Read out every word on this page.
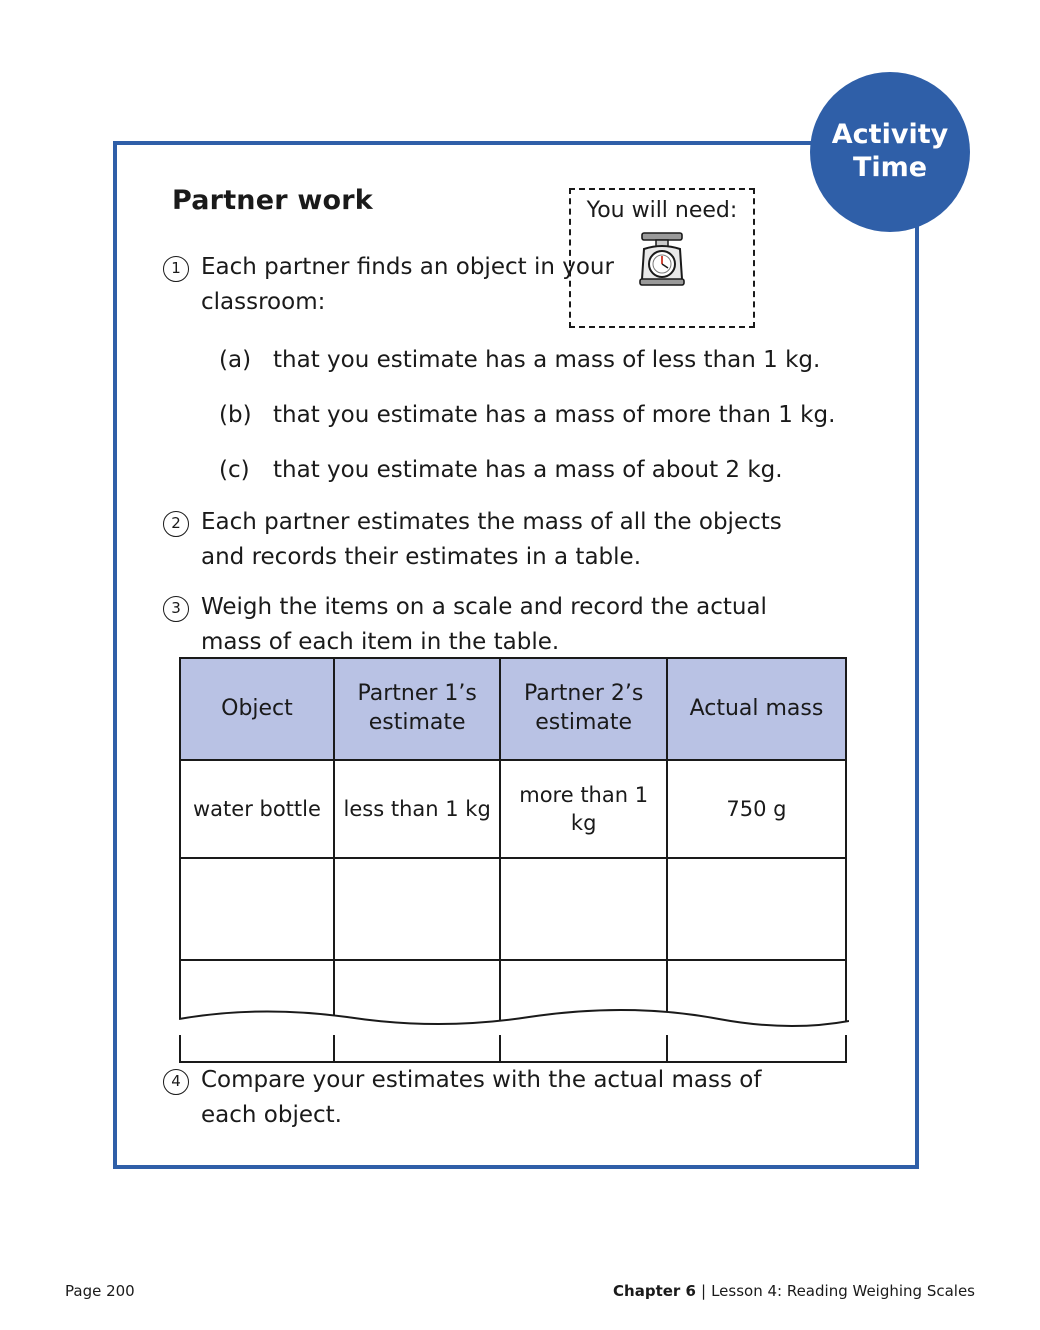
Activity
Time
Partner work	You will need:
1 Each partner finds an object in your classroom:
(a) that you estimate has a mass of less than 1 kg.
(b) that you estimate has a mass of more than 1 kg.
(c)	that you estimate has a mass of about 2 kg.
2 Each partner estimates the mass of all the objects and records their estimates in a table.
3 Weigh the items on a scale and record the actual mass of each item in the table.
Object	Partner 1’s estimate	Partner 2’s estimate	Actual mass
water bottle	less than 1 kg	more than 1 kg	750 g

4 Compare your estimates with the actual mass of each object.
Page 200	Chapter 6 | Lesson 4: Reading Weighing Scales
